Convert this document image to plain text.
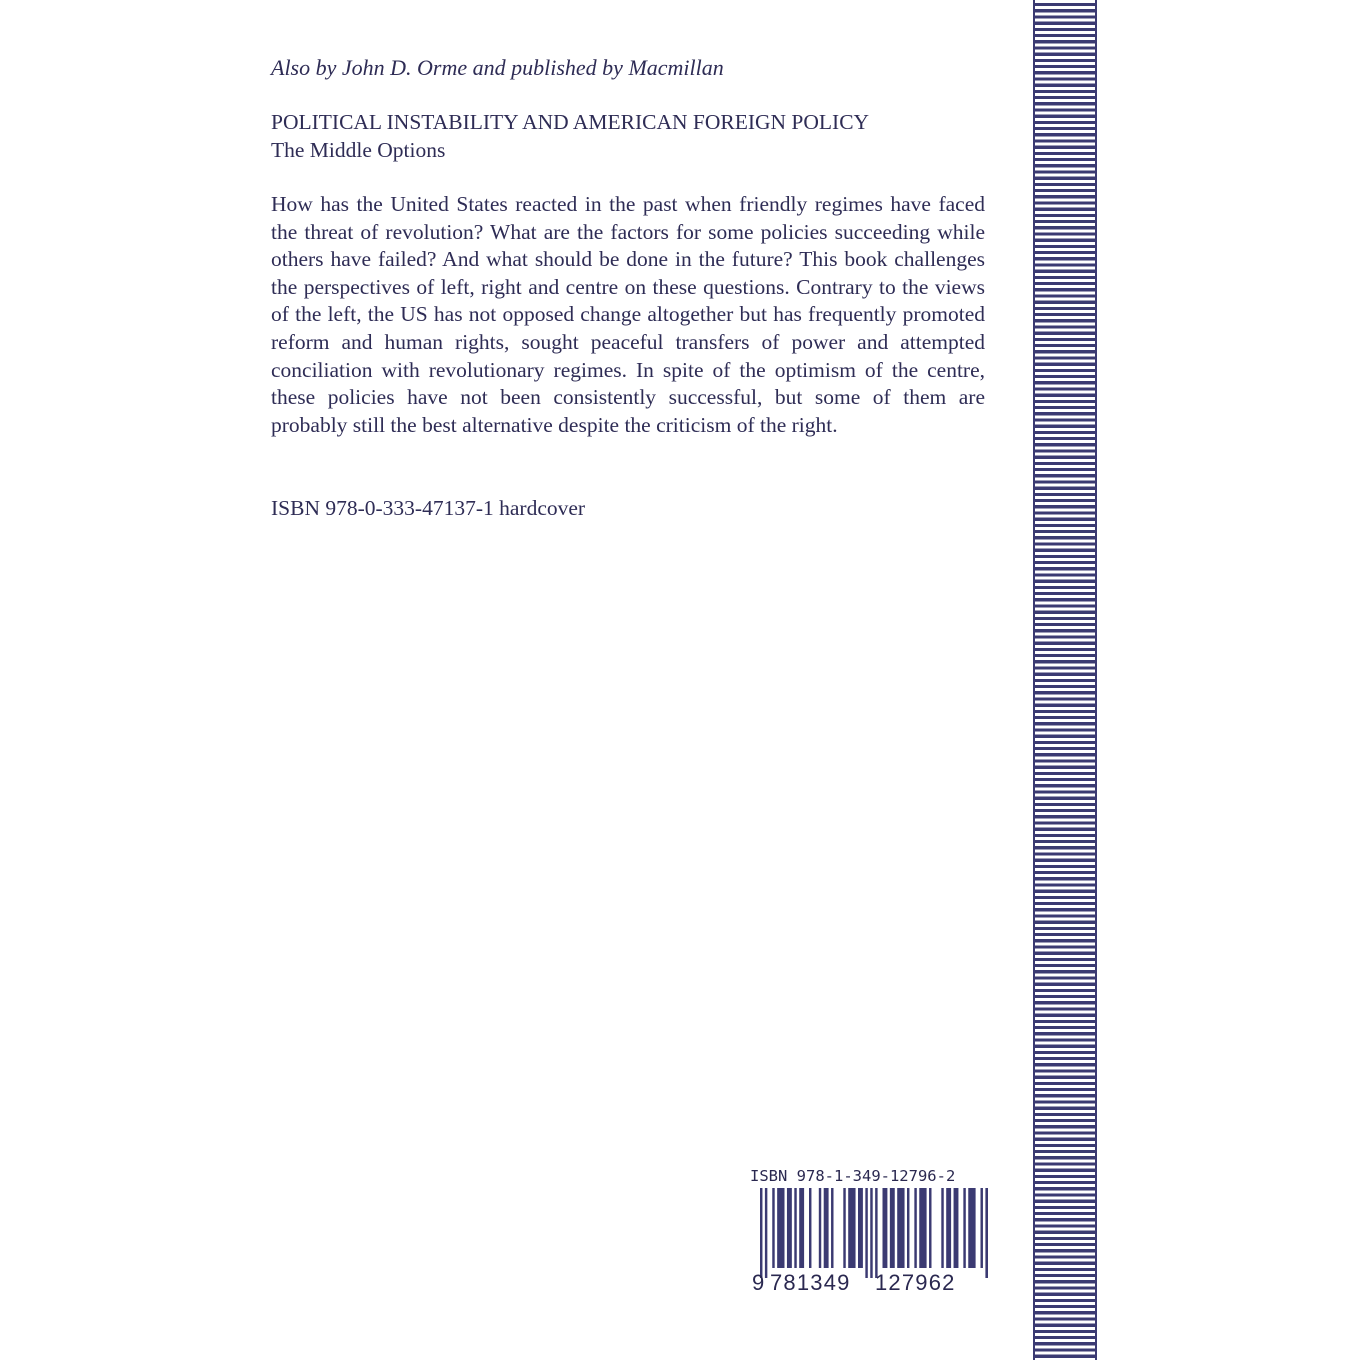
Also by John D. Orme and published by Macmillan
POLITICAL INSTABILITY AND AMERICAN FOREIGN POLICY
The Middle Options

How has the United States reacted in the past when friendly regimes have faced the threat of revolution? What are the factors for some policies succeeding while others have failed? And what should be done in the future? This book challenges the perspectives of left, right and centre on these questions. Contrary to the views of the left, the US has not opposed change altogether but has frequently promoted reform and human rights, sought peaceful transfers of power and attempted conciliation with revolutionary regimes. In spite of the optimism of the centre, these policies have not been consistently successful, but some of them are probably still the best alternative despite the criticism of the right.

ISBN 978-0-333-47137-1 hardcover
ISBN 978-1-349-12796-2
9 781349 127962
